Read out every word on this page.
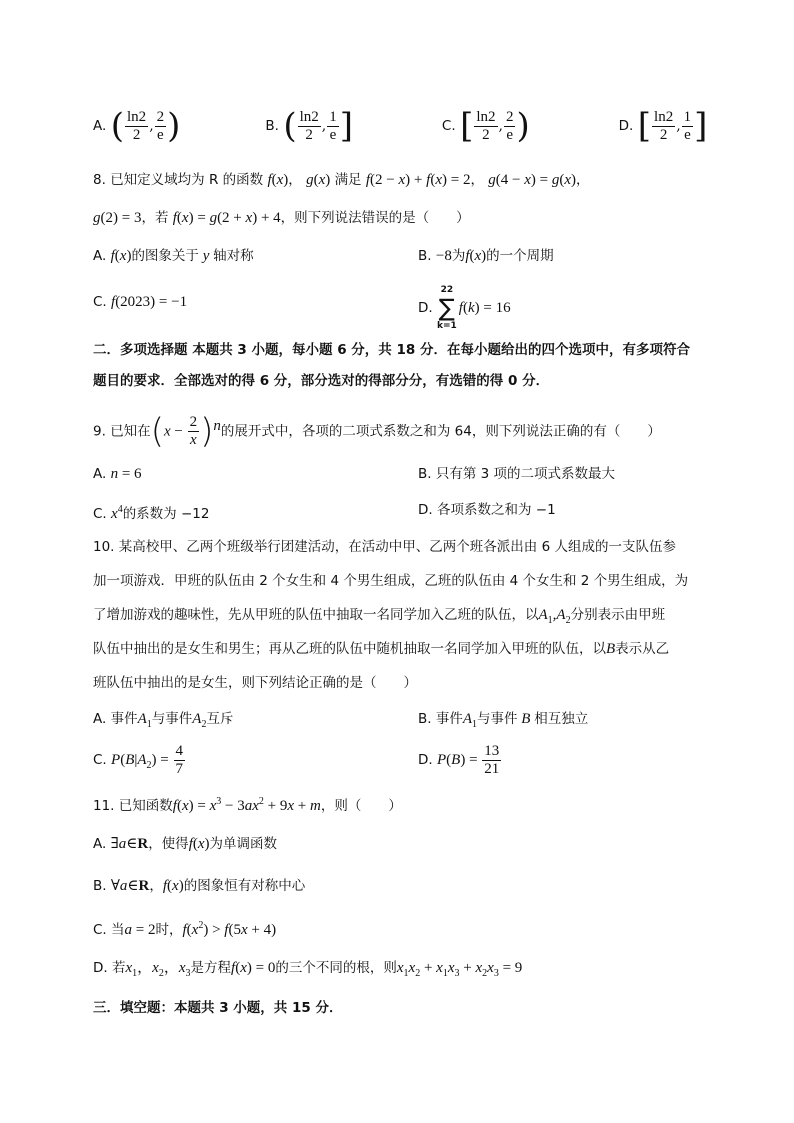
A. ( $\frac{\ln 2}{2}$ , $\frac{2}{e}$ )	B. ( $\frac{\ln 2}{2}$ , $\frac{1}{e}$ ]	C. [ $\frac{\ln 2}{2}$ , $\frac{2}{e}$ )	D. [ $\frac{\ln 2}{2}$ , $\frac{1}{e}$ ]
8. 已知定义域均为 R 的函数 f(x)， g(x) 满足 f(2 − x) + f(x) = 2， g(4 − x) = g(x)，
g(2) = 3，若 f(x) = g(2 + x) + 4，则下列说法错误的是（　　）
A. f(x)的图象关于 y 轴对称	B. −8为f(x)的一个周期
C. f(2023) = −1	D.
22
∑
k=1
f(k) = 16
二．多项选择题 本题共 3 小题，每小题 6 分，共 18 分．在每小题给出的四个选项中，有多项符合
题目的要求．全部选对的得 6 分，部分选对的得部分分，有选错的得 0 分．
9. 已知在$(x - \frac{2}{x} )^n$的展开式中，各项的二项式系数之和为 64，则下列说法正确的有（　　）
A. n = 6	B. 只有第 3 项的二项式系数最大
C. $x^4$的系数为 −12	D. 各项系数之和为 −1
10. 某高校甲、乙两个班级举行团建活动，在活动中甲、乙两个班各派出由 6 人组成的一支队伍参
加一项游戏．甲班的队伍由 2 个女生和 4 个男生组成，乙班的队伍由 4 个女生和 2 个男生组成，为
了增加游戏的趣味性，先从甲班的队伍中抽取一名同学加入乙班的队伍，以$A_1,A_2$分别表示由甲班
队伍中抽出的是女生和男生；再从乙班的队伍中随机抽取一名同学加入甲班的队伍，以B表示从乙
班队伍中抽出的是女生，则下列结论正确的是（　　）
A. 事件$A_1$与事件$A_2$互斥	B. 事件$A_1$与事件 B 相互独立
C. $P(B|A_2) = \frac{4}{7}$	D. $P(B) = \frac{13}{21}$
11. 已知函数$f(x) = x^3 - 3ax^2 + 9x + m$，则（　　）
A. ∃a∈R，使得f(x)为单调函数
B. ∀a∈R，f(x)的图象恒有对称中心
C. 当a = 2时，$f(x^2) > f(5x + 4)$
D. 若$x_1$，$x_2$，$x_3$是方程f(x) = 0的三个不同的根，则$x_1x_2 + x_1x_3 + x_2x_3 = 9$
三．填空题：本题共 3 小题，共 15 分．
